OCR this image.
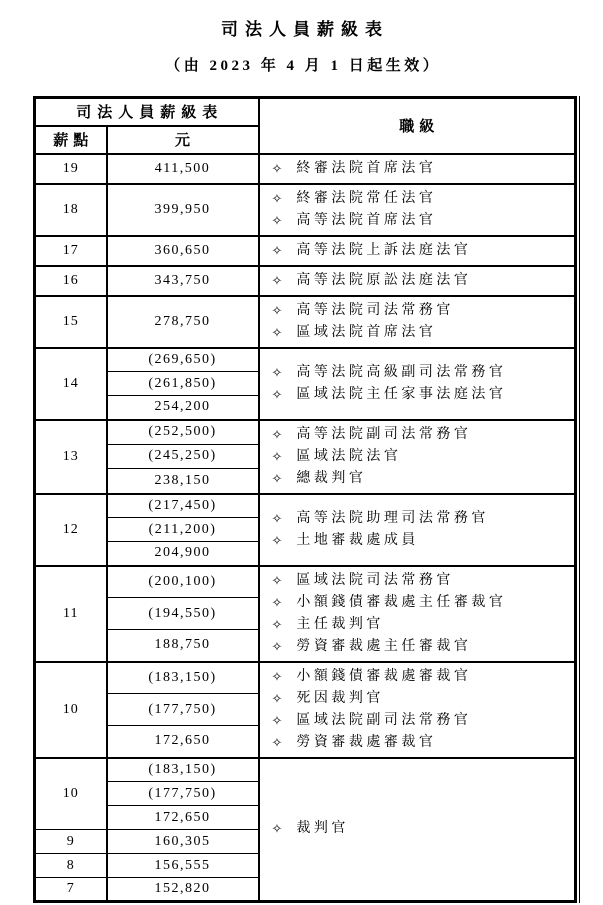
司法人員薪級表
（由 2023 年 4 月 1 日起生效）
司法人員薪級表		職級
薪點	元	
19	411,500	✧ 終審法院首席法官

18	399,950	✧ 終審法院常任法官
✧ 高等法院首席法官

17	360,650	✧ 高等法院上訴法庭法官

16	343,750	✧ 高等法院原訟法庭法官

15	278,750	✧ 高等法院司法常務官
✧ 區域法院首席法官

14	(269,650)	✧ 高等法院高級副司法常務官
✧ 區域法院主任家事法庭法官

	(261,850)	
	254,200	
13	(252,500)	✧ 高等法院副司法常務官
✧ 區域法院法官
✧ 總裁判官

	(245,250)	
	238,150	
12	(217,450)	✧ 高等法院助理司法常務官
✧ 土地審裁處成員

	(211,200)	
	204,900	
11	(200,100)	✧ 區域法院司法常務官
✧ 小額錢債審裁處主任審裁官
✧ 主任裁判官
✧ 勞資審裁處主任審裁官

	(194,550)	
	188,750	
10	(183,150)	✧ 小額錢債審裁處審裁官
✧ 死因裁判官
✧ 區域法院副司法常務官
✧ 勞資審裁處審裁官

	(177,750)	
	172,650	
10	(183,150)	✧ 裁判官

	(177,750)	
	172,650	
9	160,305	
8	156,555	
7	152,820	
